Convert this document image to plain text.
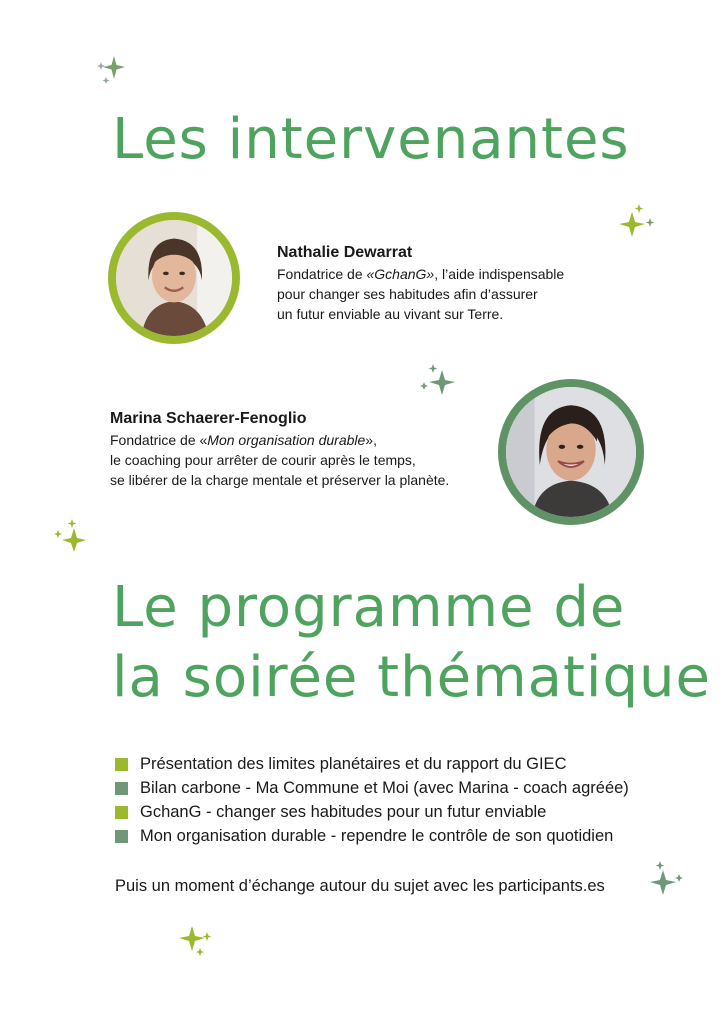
Les intervenantes
Nathalie Dewarrat
Fondatrice de «GchanG», l’aide indispensable
pour changer ses habitudes afin d’assurer
un futur enviable au vivant sur Terre.
Marina Schaerer-Fenoglio
Fondatrice de «Mon organisation durable»,
le coaching pour arrêter de courir après le temps,
se libérer de la charge mentale et préserver la planète.
Le programme de
la soirée thématique
Présentation des limites planétaires et du rapport du GIEC
Bilan carbone - Ma Commune et Moi (avec Marina - coach agréée)
GchanG - changer ses habitudes pour un futur enviable
Mon organisation durable - rependre le contrôle de son quotidien
Puis un moment d’échange autour du sujet avec les participants.es
